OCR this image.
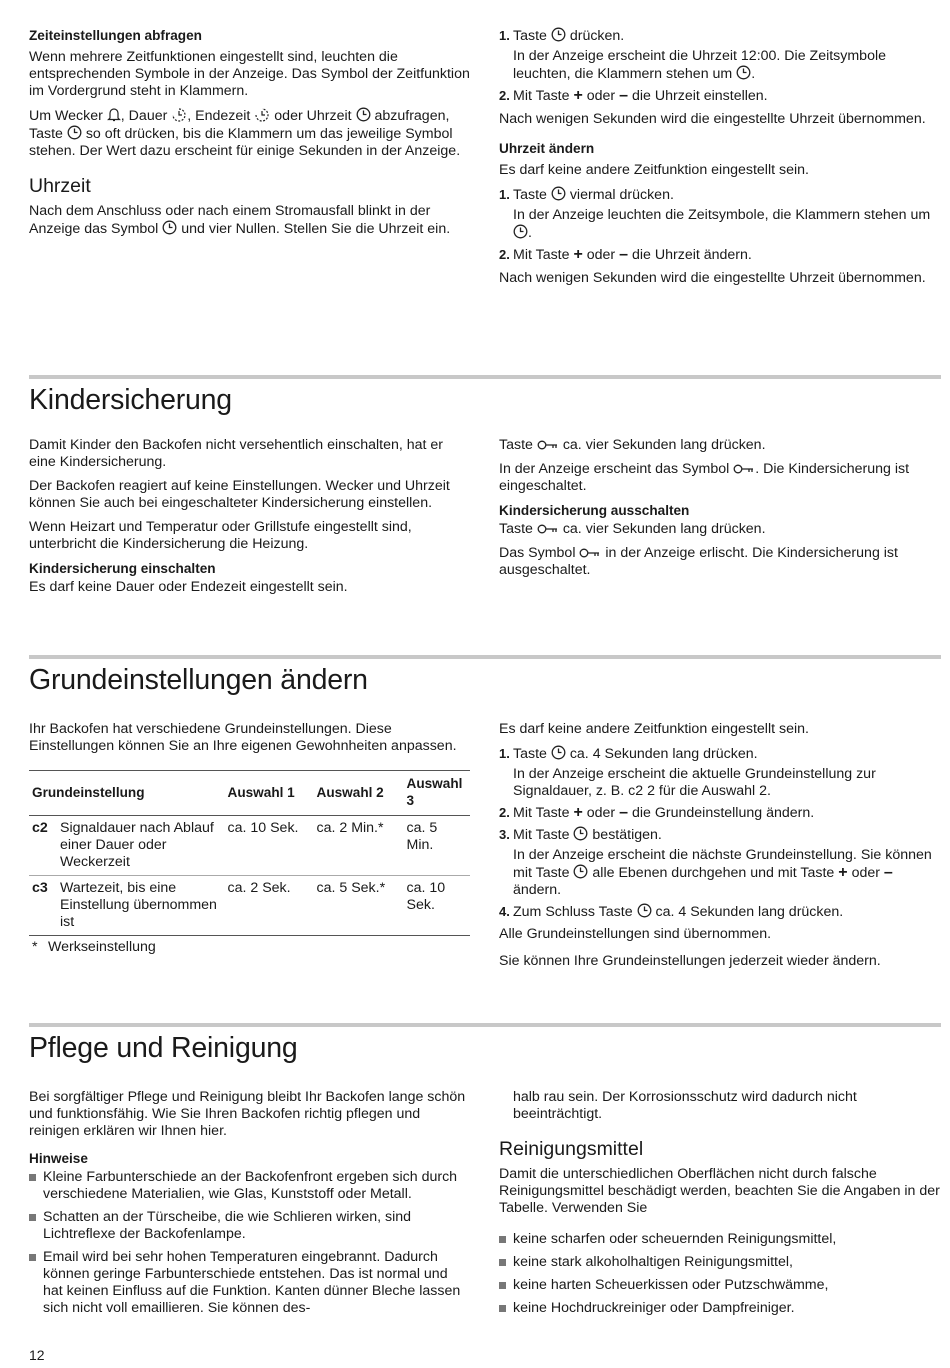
Zeiteinstellungen abfragen

Wenn mehrere Zeitfunktionen eingestellt sind, leuchten die entsprechenden Symbole in der Anzeige. Das Symbol der Zeitfunktion im Vordergrund steht in Klammern.

Um Wecker , Dauer , Endezeit oder Uhrzeit abzufragen, Taste so oft drücken, bis die Klammern um das jeweilige Symbol stehen. Der Wert dazu erscheint für einige Sekunden in der Anzeige.

Uhrzeit

Nach dem Anschluss oder nach einem Stromausfall blinkt in der Anzeige das Symbol und vier Nullen. Stellen Sie die Uhrzeit ein.

1. Taste drücken.
In der Anzeige erscheint die Uhrzeit 12:00. Die Zeitsymbole leuchten, die Klammern stehen um .
2. Mit Taste + oder – die Uhrzeit einstellen.

Nach wenigen Sekunden wird die eingestellte Uhrzeit übernommen.

Uhrzeit ändern

Es darf keine andere Zeitfunktion eingestellt sein.

1. Taste viermal drücken.
In der Anzeige leuchten die Zeitsymbole, die Klammern stehen um .
2. Mit Taste + oder – die Uhrzeit ändern.

Nach wenigen Sekunden wird die eingestellte Uhrzeit übernommen.

Kindersicherung

Damit Kinder den Backofen nicht versehentlich einschalten, hat er eine Kindersicherung.

Der Backofen reagiert auf keine Einstellungen. Wecker und Uhrzeit können Sie auch bei eingeschalteter Kindersicherung einstellen.

Wenn Heizart und Temperatur oder Grillstufe eingestellt sind, unterbricht die Kindersicherung die Heizung.

Kindersicherung einschalten

Es darf keine Dauer oder Endezeit eingestellt sein.

Taste ca. vier Sekunden lang drücken.

In der Anzeige erscheint das Symbol . Die Kindersicherung ist eingeschaltet.

Kindersicherung ausschalten

Taste ca. vier Sekunden lang drücken.

Das Symbol in der Anzeige erlischt. Die Kindersicherung ist ausgeschaltet.

Grundeinstellungen ändern

Ihr Backofen hat verschiedene Grundeinstellungen. Diese Einstellungen können Sie an Ihre eigenen Gewohnheiten anpassen.

Grundeinstellung		Auswahl 1	Auswahl 2	Auswahl 3
c2	Signaldauer nach Ablauf einer Dauer oder Weckerzeit	ca. 10 Sek.	ca. 2 Min.*	ca. 5 Min.
c3	Wartezeit, bis eine Einstellung übernommen ist	ca. 2 Sek.	ca. 5 Sek.*	ca. 10 Sek.
* Werkseinstellung

Es darf keine andere Zeitfunktion eingestellt sein.

1. Taste ca. 4 Sekunden lang drücken.
In der Anzeige erscheint die aktuelle Grundeinstellung zur Signaldauer, z. B. c2 2 für die Auswahl 2.
2. Mit Taste + oder – die Grundeinstellung ändern.
3. Mit Taste bestätigen.
In der Anzeige erscheint die nächste Grundeinstellung. Sie können mit Taste alle Ebenen durchgehen und mit Taste + oder – ändern.
4. Zum Schluss Taste ca. 4 Sekunden lang drücken.

Alle Grundeinstellungen sind übernommen.

Sie können Ihre Grundeinstellungen jederzeit wieder ändern.

Pflege und Reinigung

Bei sorgfältiger Pflege und Reinigung bleibt Ihr Backofen lange schön und funktionsfähig. Wie Sie Ihren Backofen richtig pflegen und reinigen erklären wir Ihnen hier.

Hinweise
Kleine Farbunterschiede an der Backofenfront ergeben sich durch verschiedene Materialien, wie Glas, Kunststoff oder Metall.
Schatten an der Türscheibe, die wie Schlieren wirken, sind Lichtreflexe der Backofenlampe.
Email wird bei sehr hohen Temperaturen eingebrannt. Dadurch können geringe Farbunterschiede entstehen. Das ist normal und hat keinen Einfluss auf die Funktion. Kanten dünner Bleche lassen sich nicht voll emaillieren. Sie können des-

halb rau sein. Der Korrosionsschutz wird dadurch nicht beeinträchtigt.

Reinigungsmittel

Damit die unterschiedlichen Oberflächen nicht durch falsche Reinigungsmittel beschädigt werden, beachten Sie die Angaben in der Tabelle. Verwenden Sie

keine scharfen oder scheuernden Reinigungsmittel,
keine stark alkoholhaltigen Reinigungsmittel,
keine harten Scheuerkissen oder Putzschwämme,
keine Hochdruckreiniger oder Dampfreiniger.
12
